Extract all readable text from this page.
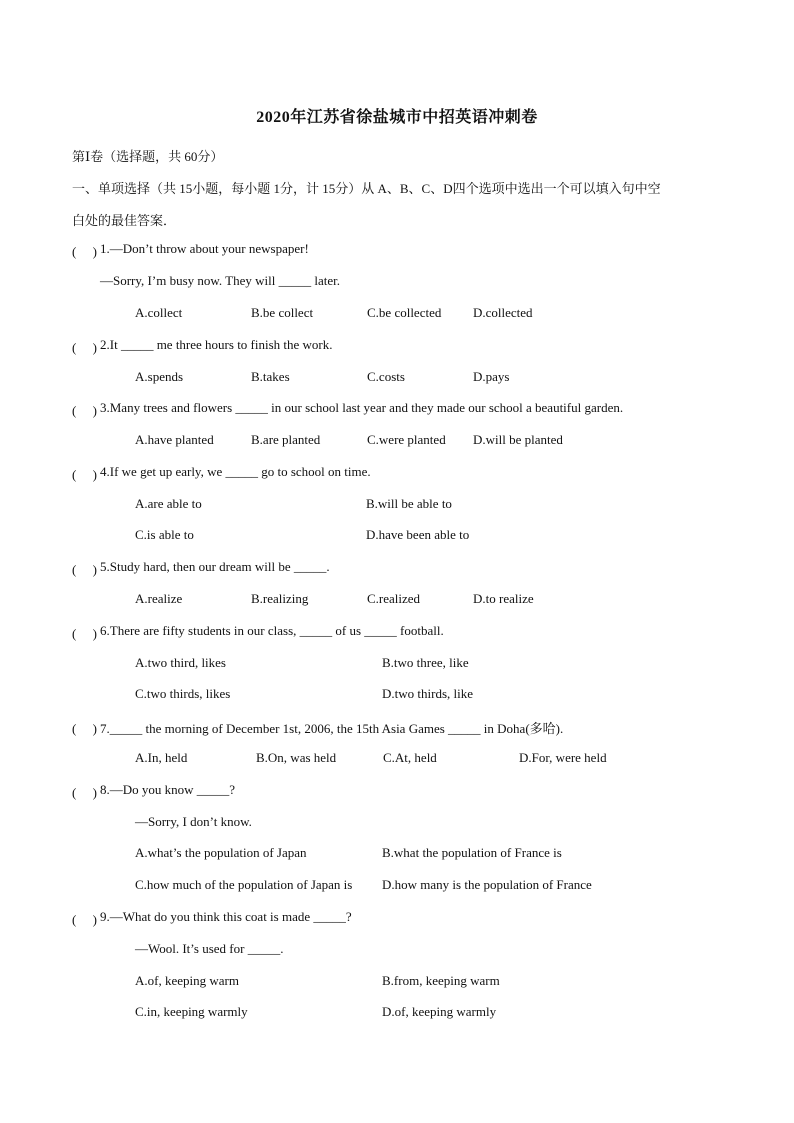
2020年江苏省徐盐城市中招英语冲刺卷
第Ⅰ卷（选择题，共 60分）
一、单项选择（共 15小题，每小题 1分，计 15分）从 A、B、C、D四个选项中选出一个可以填入句中空
白处的最佳答案．
(　 ) 1.—Don’t throw about your newspaper!
—Sorry, I’m busy now. They will _____ later.
A.collect	B.be collect	C.be collected D.collected
(　 ) 2.It _____ me three hours to finish the work.
A.spends	B.takes	C.costs	D.pays
(　 ) 3.Many trees and flowers _____ in our school last year and they made our school a beautiful garden.
A.have planted	B.are planted	C.were planted D.will be planted
(　 ) 4.If we get up early, we _____ go to school on time.
A.are able to	B.will be able to
C.is able to	D.have been able to
(　 ) 5.Study hard, then our dream will be _____.
A.realize	B.realizing	C.realized	D.to realize
(　 ) 6.There are fifty students in our class, _____ of us _____ football.
A.two third, likes	B.two three, like
C.two thirds, likes	D.two thirds, like
(　 ) 7._____ the morning of December 1st, 2006, the 15th Asia Games _____ in Doha(多哈).
A.In, held	B.On, was held	C.At, held	D.For, were held
(　 ) 8.—Do you know _____?
—Sorry, I don’t know.
A.what’s the population of Japan	B.what the population of France is
C.how much of the population of Japan is D.how many is the population of France
(　 ) 9.—What do you think this coat is made _____?
—Wool. It’s used for _____.
A.of, keeping warm	B.from, keeping warm
C.in, keeping warmly	D.of, keeping warmly
